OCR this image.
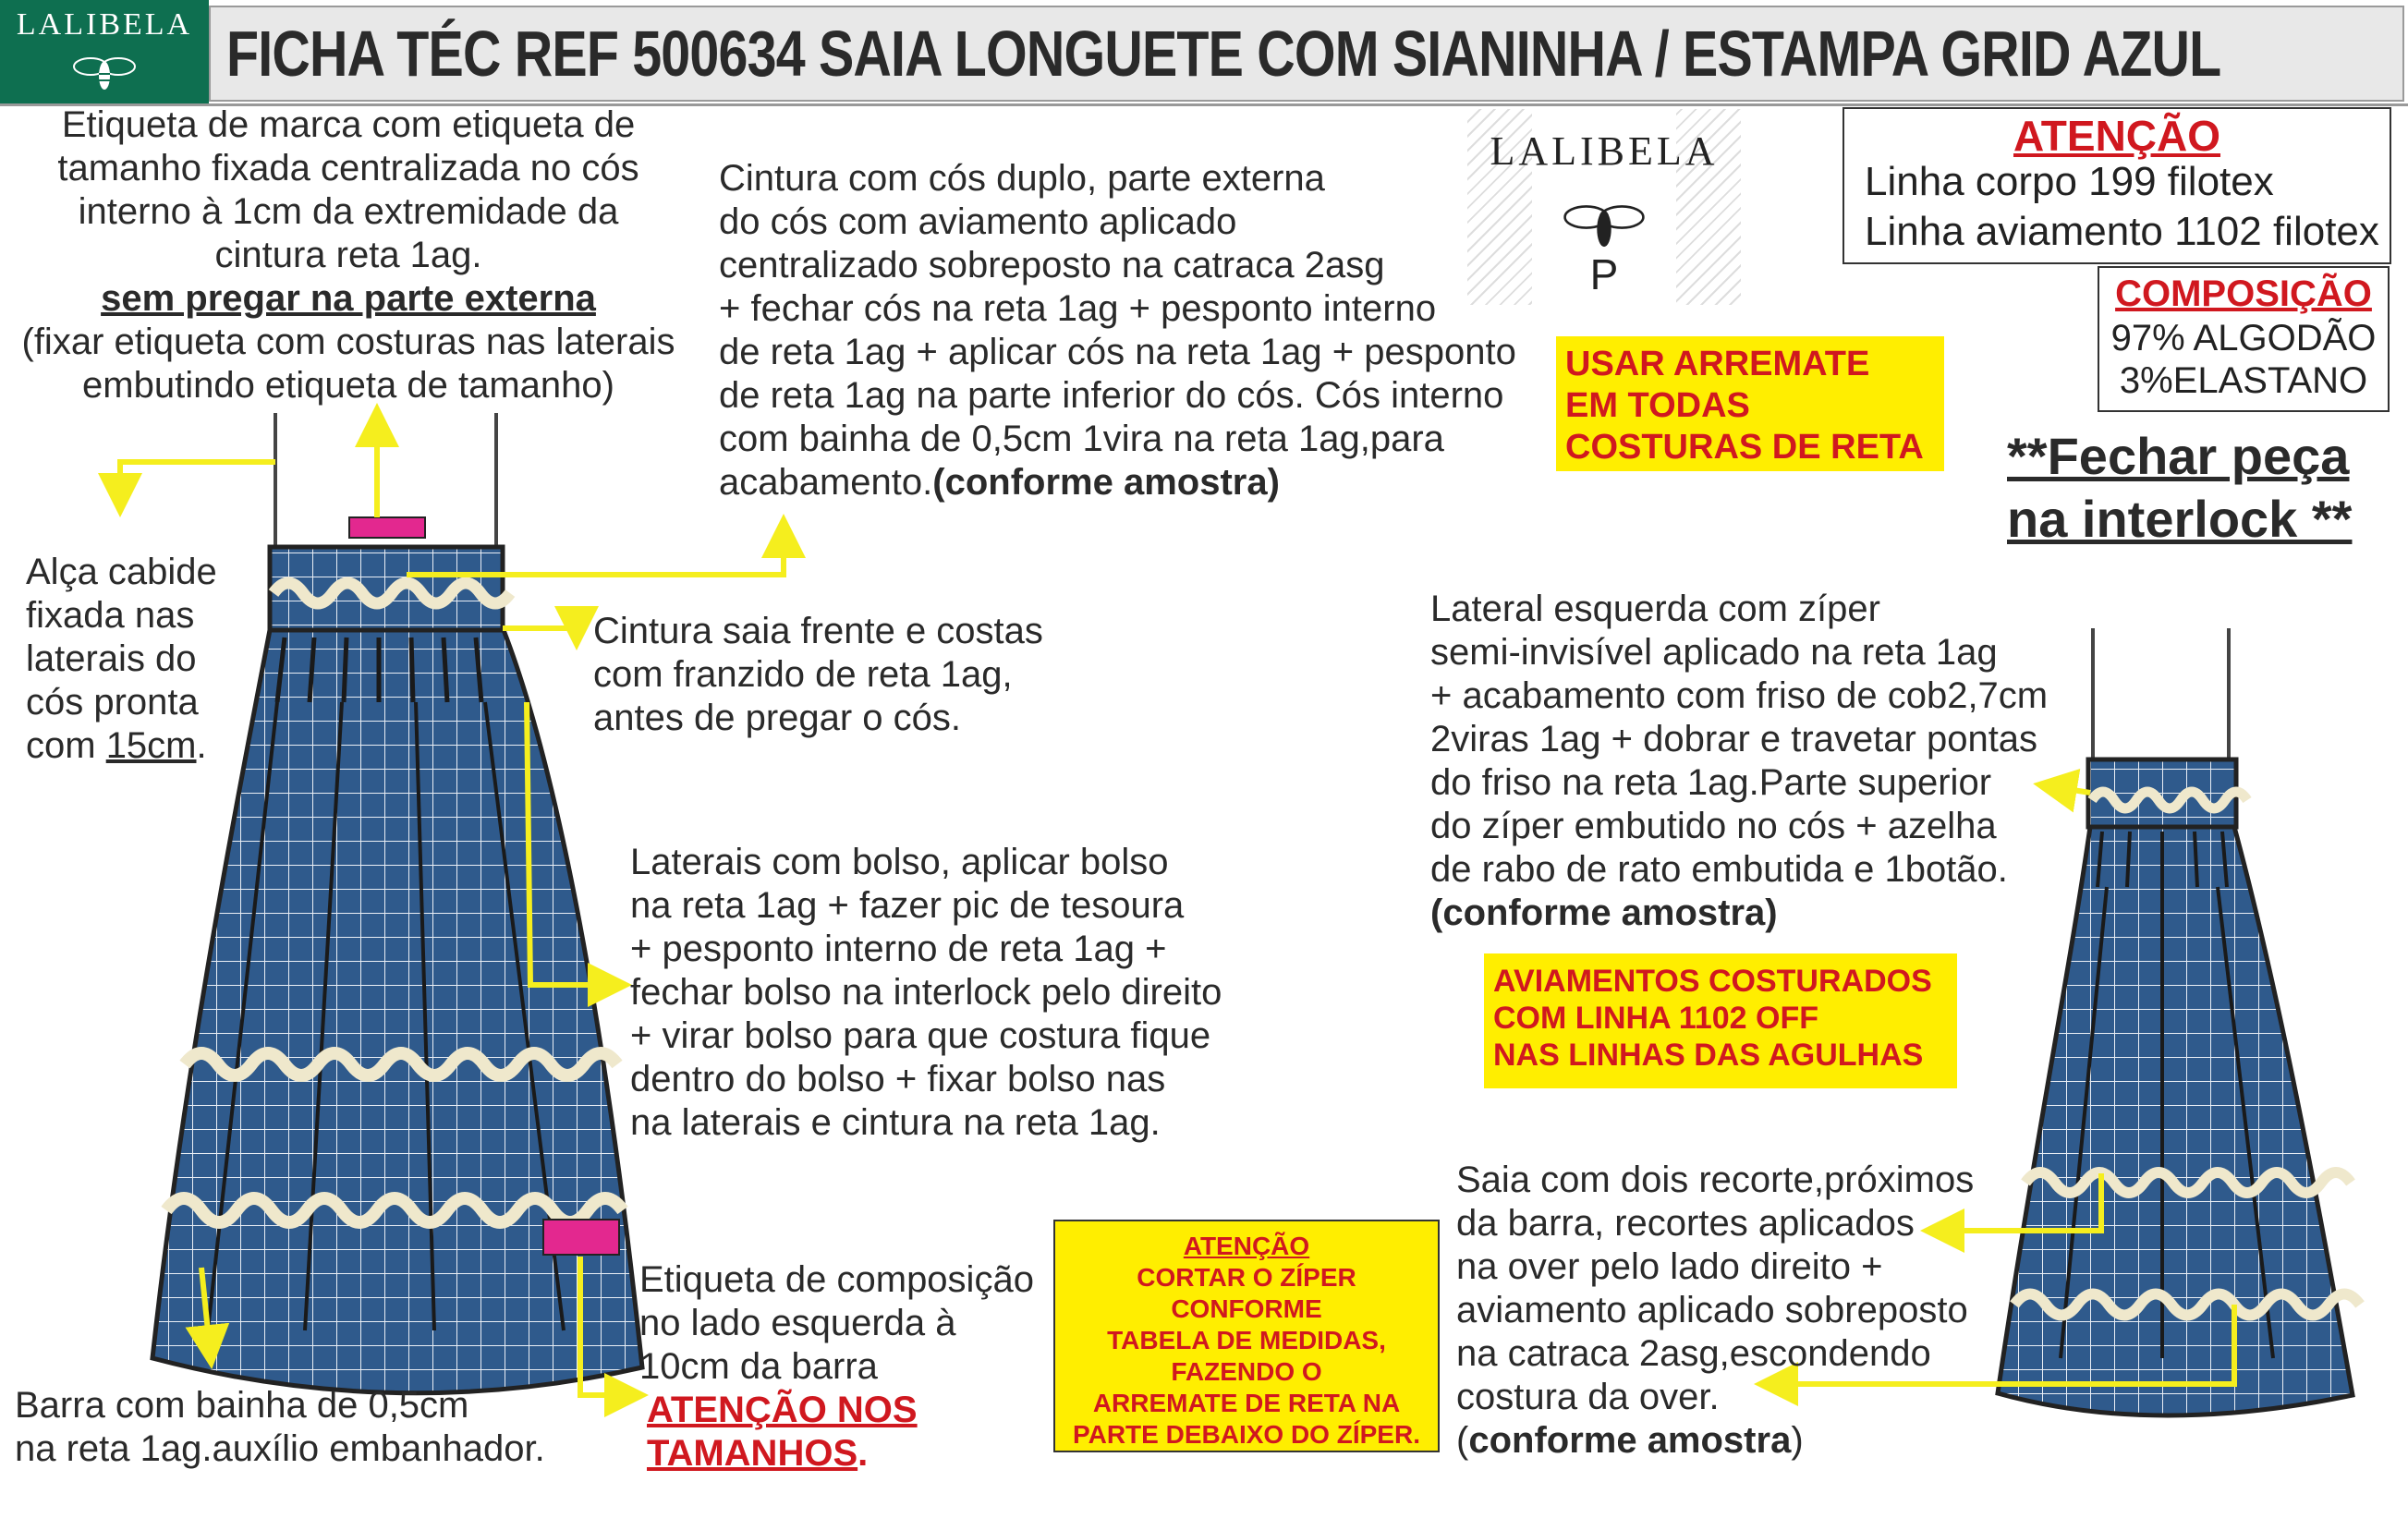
LALIBELA FICHA TÉC REF 500634 SAIA LONGUETE COM SIANINHA / ESTAMPA GRID AZUL
LALIBELA
P
ATENÇÃO
Linha corpo 199 filotex
Linha aviamento 1102 filotex
COMPOSIÇÃO
97% ALGODÃO
3%ELASTANO
**Fechar peça
na interlock **
Etiqueta de marca com etiqueta de
tamanho fixada centralizada no cós
interno à 1cm da extremidade da
cintura reta 1ag.
sem pregar na parte externa
(fixar etiqueta com costuras nas laterais
embutindo etiqueta de tamanho)
Alça cabide
fixada nas
laterais do
cós pronta
com 15cm.
Cintura com cós duplo, parte externa
do cós com aviamento aplicado
centralizado sobreposto na catraca 2asg
+ fechar cós na reta 1ag + pesponto interno
de reta 1ag + aplicar cós na reta 1ag + pesponto
de reta 1ag na parte inferior do cós. Cós interno
com bainha de 0,5cm 1vira na reta 1ag,para
acabamento.(conforme amostra)
Cintura saia frente e costas
com franzido de reta 1ag,
antes de pregar o cós.
Laterais com bolso, aplicar bolso
na reta 1ag + fazer pic de tesoura
+ pesponto interno de reta 1ag +
fechar bolso na interlock pelo direito
+ virar bolso para que costura fique
dentro do bolso + fixar bolso nas
na laterais e cintura na reta 1ag.
Etiqueta de composição
no lado esquerda à
10cm da barra
ATENÇÃO NOS
TAMANHOS.
Barra com bainha de 0,5cm
na reta 1ag.auxílio embanhador.
USAR ARREMATE
EM TODAS
COSTURAS DE RETA
AVIAMENTOS COSTURADOS
COM LINHA 1102 OFF
NAS LINHAS DAS AGULHAS
ATENÇÃO
CORTAR O ZÍPER
CONFORME
TABELA DE MEDIDAS,
FAZENDO O
ARREMATE DE RETA NA
PARTE DEBAIXO DO ZÍPER.
Lateral esquerda com zíper
semi-invisível aplicado na reta 1ag
+ acabamento com friso de cob2,7cm
2viras 1ag + dobrar e travetar pontas
do friso na reta 1ag.Parte superior
do zíper embutido no cós + azelha
de rabo de rato embutida e 1botão.
(conforme amostra)
Saia com dois recorte,próximos
da barra, recortes aplicados
na over pelo lado direito +
aviamento aplicado sobreposto
na catraca 2asg,escondendo
costura da over.
(conforme amostra)
